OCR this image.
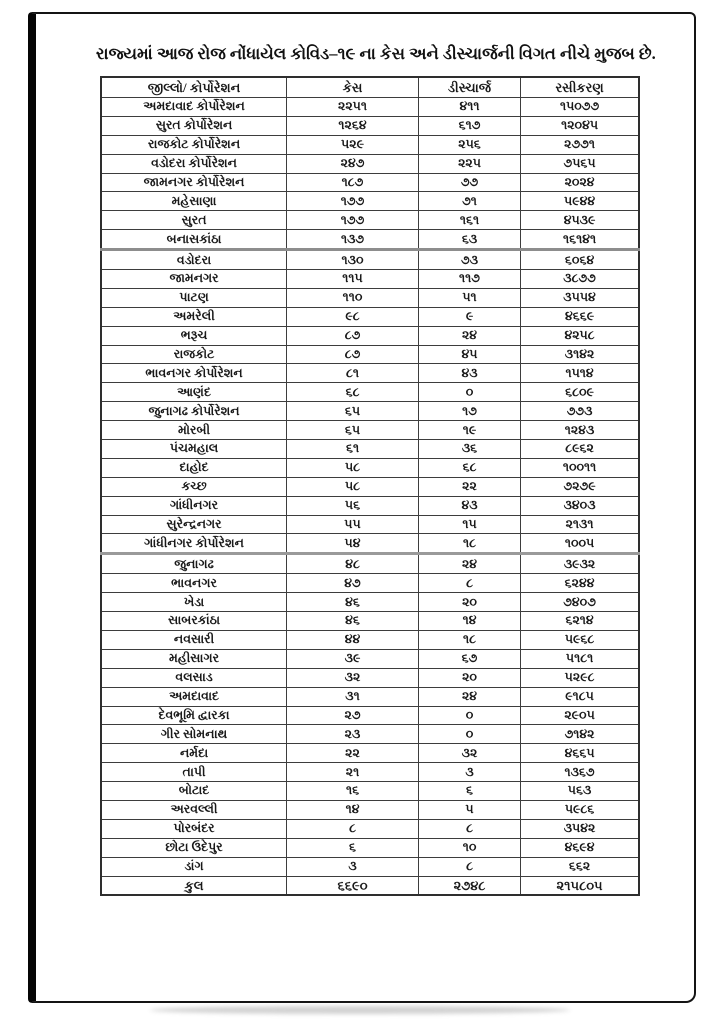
રાજ્યમાં આજ રોજ નોંધાયેલ કોવિડ–૧૯ ના કેસ અને ડીસ્ચાર્જની વિગત નીચે મુજબ છે.
જીલ્લો/ કોર્પોરેશન	કેસ	ડીસ્ચાર્જ	રસીકરણ
અમદાવાદ કોર્પોરેશન	૨૨૫૧	૪૧૧	૧૫૦૭૭
સુરત કોર્પોરેશન	૧૨૬૪	૬૧૭	૧૨૦૪૫
રાજકોટ કોર્પોરેશન	૫૨૯	૨૫૬	૨૭૭૧
વડોદરા કોર્પોરેશન	૨૪૭	૨૨૫	૭૫૬૫
જામનગર કોર્પોરેશન	૧૮૭	૭૭	૨૦૨૪
મહેસાણા	૧૭૭	૭૧	૫૯૪૪
સુરત	૧૭૭	૧૬૧	૪૫૩૯
બનાસકાંઠા	૧૩૭	૬૩	૧૬૧૪૧
વડોદરા	૧૩૦	૭૩	૬૦૬૪
જામનગર	૧૧૫	૧૧૭	૩૮૭૭
પાટણ	૧૧૦	૫૧	૩૫૫૪
અમરેલી	૯૮	૯	૪૬૬૯
ભરૂચ	૮૭	૨૪	૪૨૫૮
રાજકોટ	૮૭	૪૫	૩૧૪૨
ભાવનગર કોર્પોરેશન	૮૧	૪૩	૧૫૧૪
આણંદ	૬૮	૦	૬૮૦૯
જુનાગઢ કોર્પોરેશન	૬૫	૧૭	૭૭૩
મોરબી	૬૫	૧૯	૧૨૪૩
પંચમહાલ	૬૧	૩૬	૮૯૬૨
દાહોદ	૫૮	૬૮	૧૦૦૧૧
કચ્છ	૫૮	૨૨	૭૨૭૯
ગાંધીનગર	૫૬	૪૩	૩૪૦૩
સુરેન્દ્રનગર	૫૫	૧૫	૨૧૩૧
ગાંધીનગર કોર્પોરેશન	૫૪	૧૮	૧૦૦૫
જુનાગઢ	૪૮	૨૪	૩૯૩૨
ભાવનગર	૪૭	૮	૬૨૪૪
ખેડા	૪૬	૨૦	૭૪૦૭
સાબરકાંઠા	૪૬	૧૪	૬૨૧૪
નવસારી	૪૪	૧૮	૫૯૬૮
મહીસાગર	૩૯	૬૭	૫૧૮૧
વલસાડ	૩૨	૨૦	૫૨૯૮
અમદાવાદ	૩૧	૨૪	૯૧૮૫
દેવભૂમિ દ્વારકા	૨૭	૦	૨૯૦૫
ગીર સોમનાથ	૨૩	૦	૭૧૪૨
નર્મદા	૨૨	૩૨	૪૬૬૫
તાપી	૨૧	૩	૧૩૬૭
બોટાદ	૧૬	૬	૫૬૩
અરવલ્લી	૧૪	૫	૫૯૮૬
પોરબંદર	૮	૮	૩૫૪૨
છોટા ઉદેપુર	૬	૧૦	૪૬૯૪
ડાંગ	૩	૮	૬૬૨
કુલ	૬૬૯૦	૨૭૪૮	૨૧૫૮૦૫
